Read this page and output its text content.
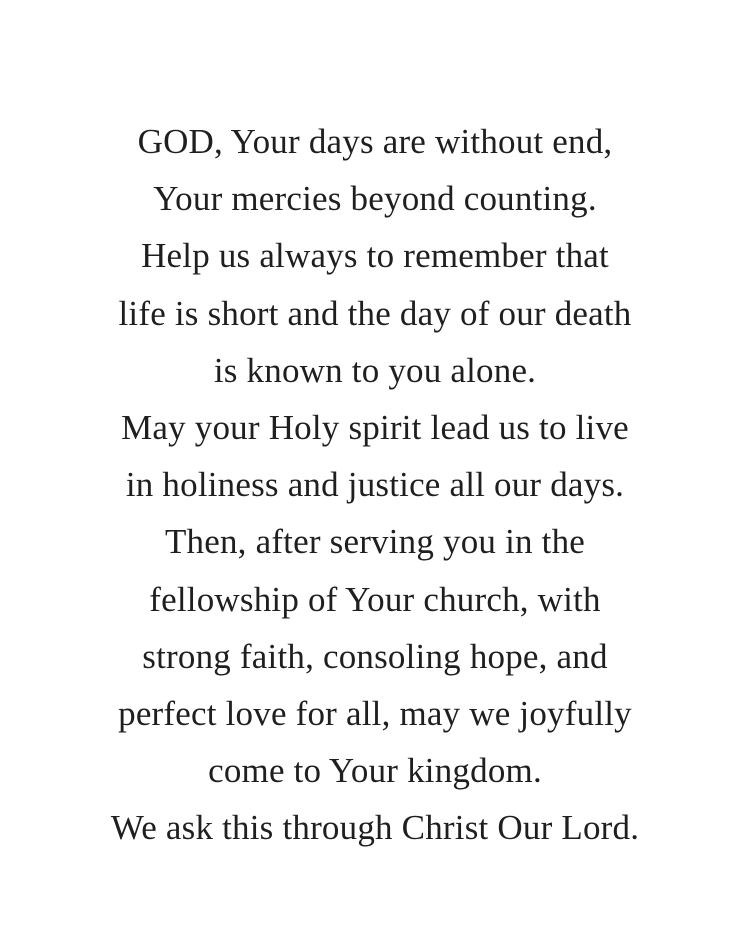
GOD, Your days are without end,
Your mercies beyond counting.
Help us always to remember that
life is short and the day of our death
is known to you alone.
May your Holy spirit lead us to live
in holiness and justice all our days.
Then, after serving you in the
fellowship of Your church, with
strong faith, consoling hope, and
perfect love for all, may we joyfully
come to Your kingdom.
We ask this through Christ Our Lord.
